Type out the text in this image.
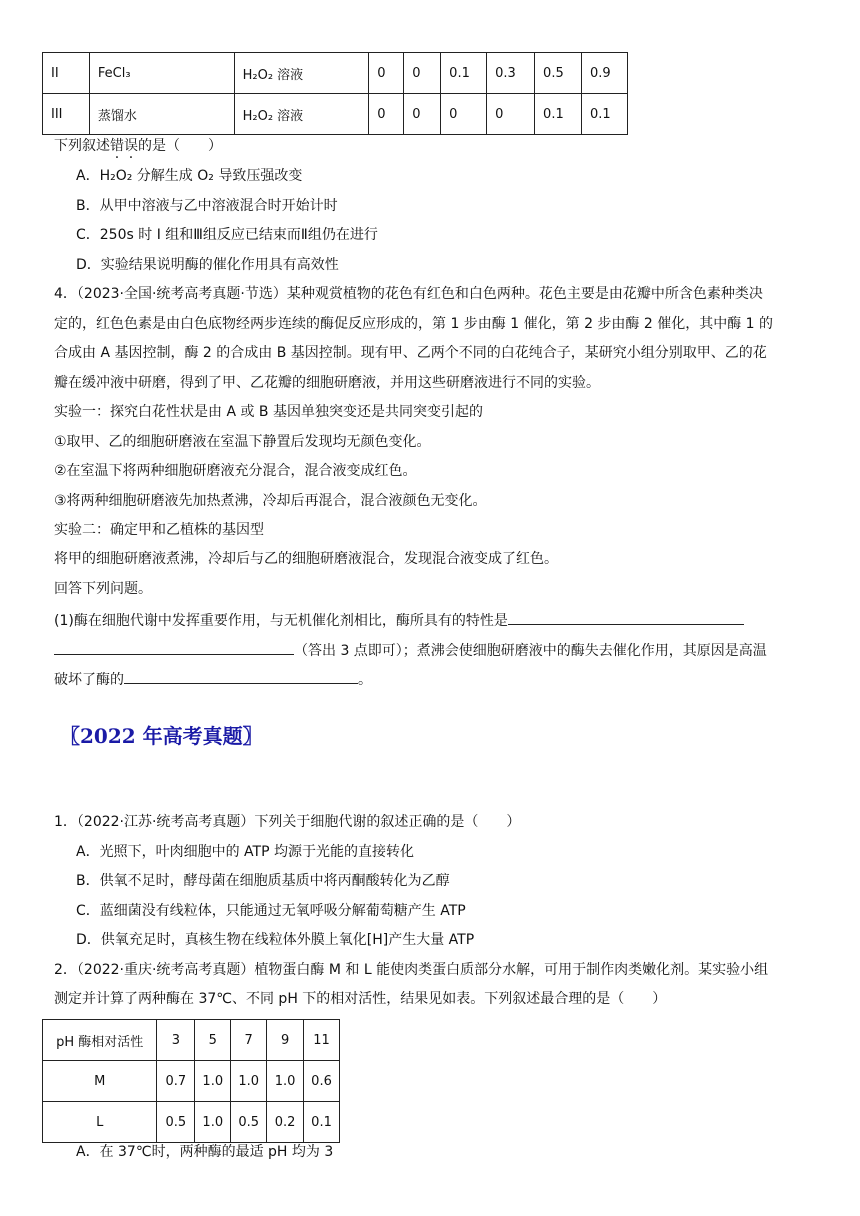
II	FeCl₃	H₂O₂ 溶液	0	0	0.1	0.3	0.5	0.9
III	蒸馏水	H₂O₂ 溶液	0	0	0	0	0.1	0.1
下列叙述错误的是（　　）
A．H₂O₂ 分解生成 O₂ 导致压强改变
B．从甲中溶液与乙中溶液混合时开始计时
C．250s 时 I 组和Ⅲ组反应已结束而Ⅱ组仍在进行
D．实验结果说明酶的催化作用具有高效性
4．（2023·全国·统考高考真题·节选）某种观赏植物的花色有红色和白色两种。花色主要是由花瓣中所含色素种类决
定的，红色色素是由白色底物经两步连续的酶促反应形成的，第 1 步由酶 1 催化，第 2 步由酶 2 催化，其中酶 1 的
合成由 A 基因控制，酶 2 的合成由 B 基因控制。现有甲、乙两个不同的白花纯合子，某研究小组分别取甲、乙的花
瓣在缓冲液中研磨，得到了甲、乙花瓣的细胞研磨液，并用这些研磨液进行不同的实验。
实验一：探究白花性状是由 A 或 B 基因单独突变还是共同突变引起的
①取甲、乙的细胞研磨液在室温下静置后发现均无颜色变化。
②在室温下将两种细胞研磨液充分混合，混合液变成红色。
③将两种细胞研磨液先加热煮沸，冷却后再混合，混合液颜色无变化。
实验二：确定甲和乙植株的基因型
将甲的细胞研磨液煮沸，冷却后与乙的细胞研磨液混合，发现混合液变成了红色。
回答下列问题。
(1)酶在细胞代谢中发挥重要作用，与无机催化剂相比，酶所具有的特性是
（答出 3 点即可）；煮沸会使细胞研磨液中的酶失去催化作用，其原因是高温
破坏了酶的	。
〖2022 年高考真题〗
1．（2022·江苏·统考高考真题）下列关于细胞代谢的叙述正确的是（　　）
A．光照下，叶肉细胞中的 ATP 均源于光能的直接转化
B．供氧不足时，酵母菌在细胞质基质中将丙酮酸转化为乙醇
C．蓝细菌没有线粒体，只能通过无氧呼吸分解葡萄糖产生 ATP
D．供氧充足时，真核生物在线粒体外膜上氧化[H]产生大量 ATP
2．（2022·重庆·统考高考真题）植物蛋白酶 M 和 L 能使肉类蛋白质部分水解，可用于制作肉类嫩化剂。某实验小组
测定并计算了两种酶在 37℃、不同 pH 下的相对活性，结果见如表。下列叙述最合理的是（　　）
pH 酶相对活性	3	5	7	9	11
M	0.7	1.0	1.0	1.0	0.6
L	0.5	1.0	0.5	0.2	0.1
A．在 37℃时，两种酶的最适 pH 均为 3
